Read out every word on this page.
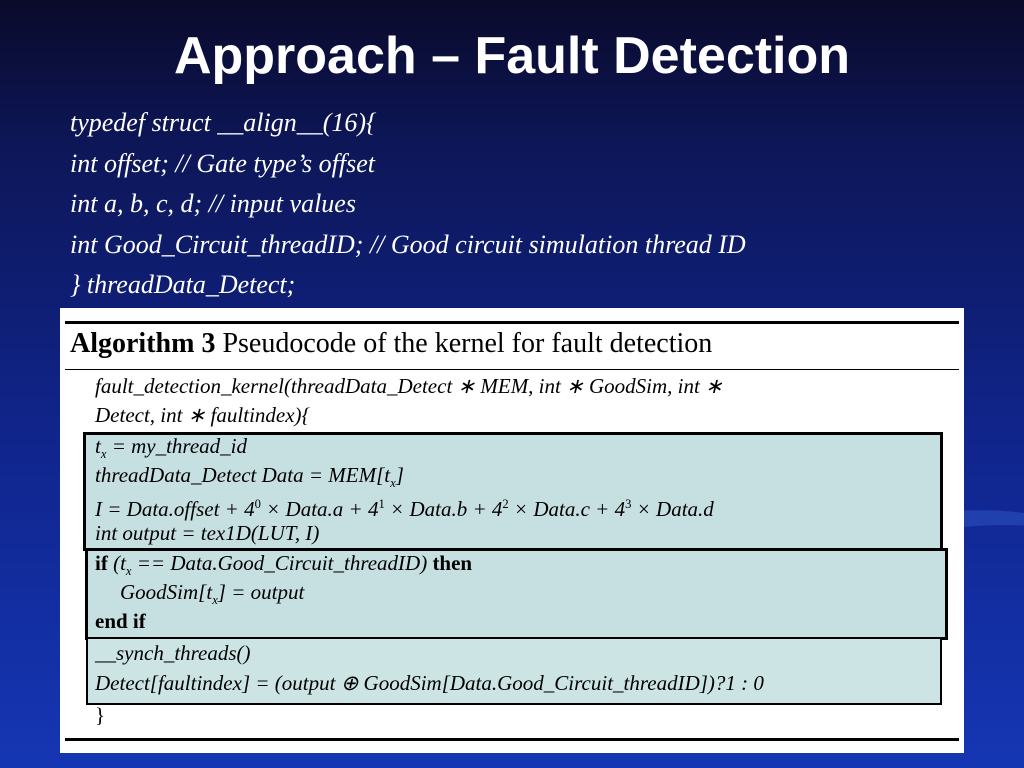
Approach – Fault Detection
typedef struct __align__(16){
int offset; // Gate type’s offset
int a, b, c, d; // input values
int Good_Circuit_threadID; // Good circuit simulation thread ID
} threadData_Detect;
Algorithm 3 Pseudocode of the kernel for fault detection
fault_detection_kernel(threadData_Detect ∗ MEM, int ∗ GoodSim, int ∗
Detect, int ∗ faultindex){
$t_x$ = my_thread_id
threadData_Detect Data = $MEM[t_x]$
I = Data.offset + $4^0$ × Data.a + $4^1$ × Data.b + $4^2$ × Data.c + $4^3$ × Data.d
int output = tex1D(LUT, I)
if ($t_x$ == Data.Good_Circuit_threadID) then
$GoodSim[t_x]$ = output
end if
__synch_threads()
Detect[faultindex] = (output ⊕ GoodSim[Data.Good_Circuit_threadID])?1 : 0
}
